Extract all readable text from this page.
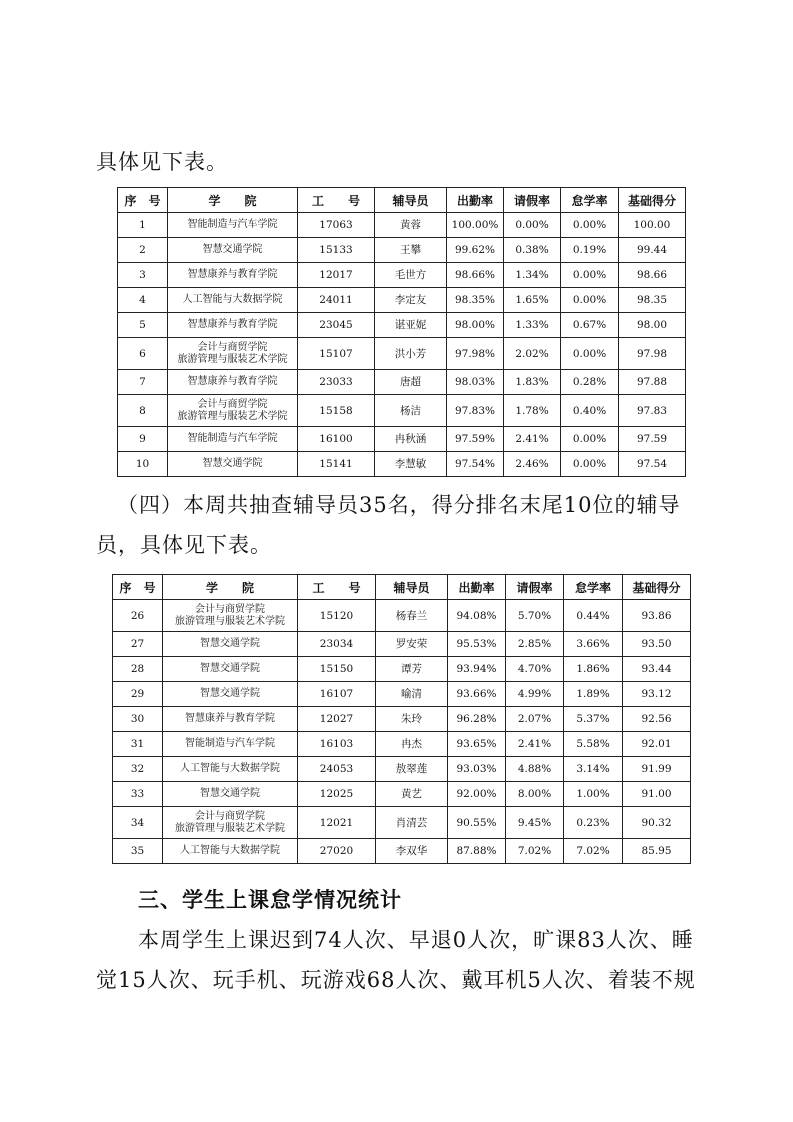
具体见下表。

序　号	学　　院	工　　号	辅导员	出勤率	请假率	怠学率	基础得分
1	智能制造与汽车学院	17063	黄蓉	100.00%	0.00%	0.00%	100.00
2	智慧交通学院	15133	王攀	99.62%	0.38%	0.19%	99.44
3	智慧康养与教育学院	12017	毛世方	98.66%	1.34%	0.00%	98.66
4	人工智能与大数据学院	24011	李定友	98.35%	1.65%	0.00%	98.35
5	智慧康养与教育学院	23045	谌亚妮	98.00%	1.33%	0.67%	98.00
6	会计与商贸学院
旅游管理与服装艺术学院	15107	洪小芳	97.98%	2.02%	0.00%	97.98
7	智慧康养与教育学院	23033	唐超	98.03%	1.83%	0.28%	97.88
8	会计与商贸学院
旅游管理与服装艺术学院	15158	杨洁	97.83%	1.78%	0.40%	97.83
9	智能制造与汽车学院	16100	冉秋涵	97.59%	2.41%	0.00%	97.59
10	智慧交通学院	15141	李慧敏	97.54%	2.46%	0.00%	97.54

（四）本周共抽查辅导员35名，得分排名末尾10位的辅导员，具体见下表。

序　号	学　　院	工　　号	辅导员	出勤率	请假率	怠学率	基础得分
26	会计与商贸学院
旅游管理与服装艺术学院	15120	杨春兰	94.08%	5.70%	0.44%	93.86
27	智慧交通学院	23034	罗安荣	95.53%	2.85%	3.66%	93.50
28	智慧交通学院	15150	谭芳	93.94%	4.70%	1.86%	93.44
29	智慧交通学院	16107	喻清	93.66%	4.99%	1.89%	93.12
30	智慧康养与教育学院	12027	朱玲	96.28%	2.07%	5.37%	92.56
31	智能制造与汽车学院	16103	冉杰	93.65%	2.41%	5.58%	92.01
32	人工智能与大数据学院	24053	敖翠莲	93.03%	4.88%	3.14%	91.99
33	智慧交通学院	12025	黄艺	92.00%	8.00%	1.00%	91.00
34	会计与商贸学院
旅游管理与服装艺术学院	12021	肖清芸	90.55%	9.45%	0.23%	90.32
35	人工智能与大数据学院	27020	李双华	87.88%	7.02%	7.02%	85.95

三、学生上课怠学情况统计

本周学生上课迟到74人次、早退0人次，旷课83人次、睡觉15人次、玩手机、玩游戏68人次、戴耳机5人次、着装不规
